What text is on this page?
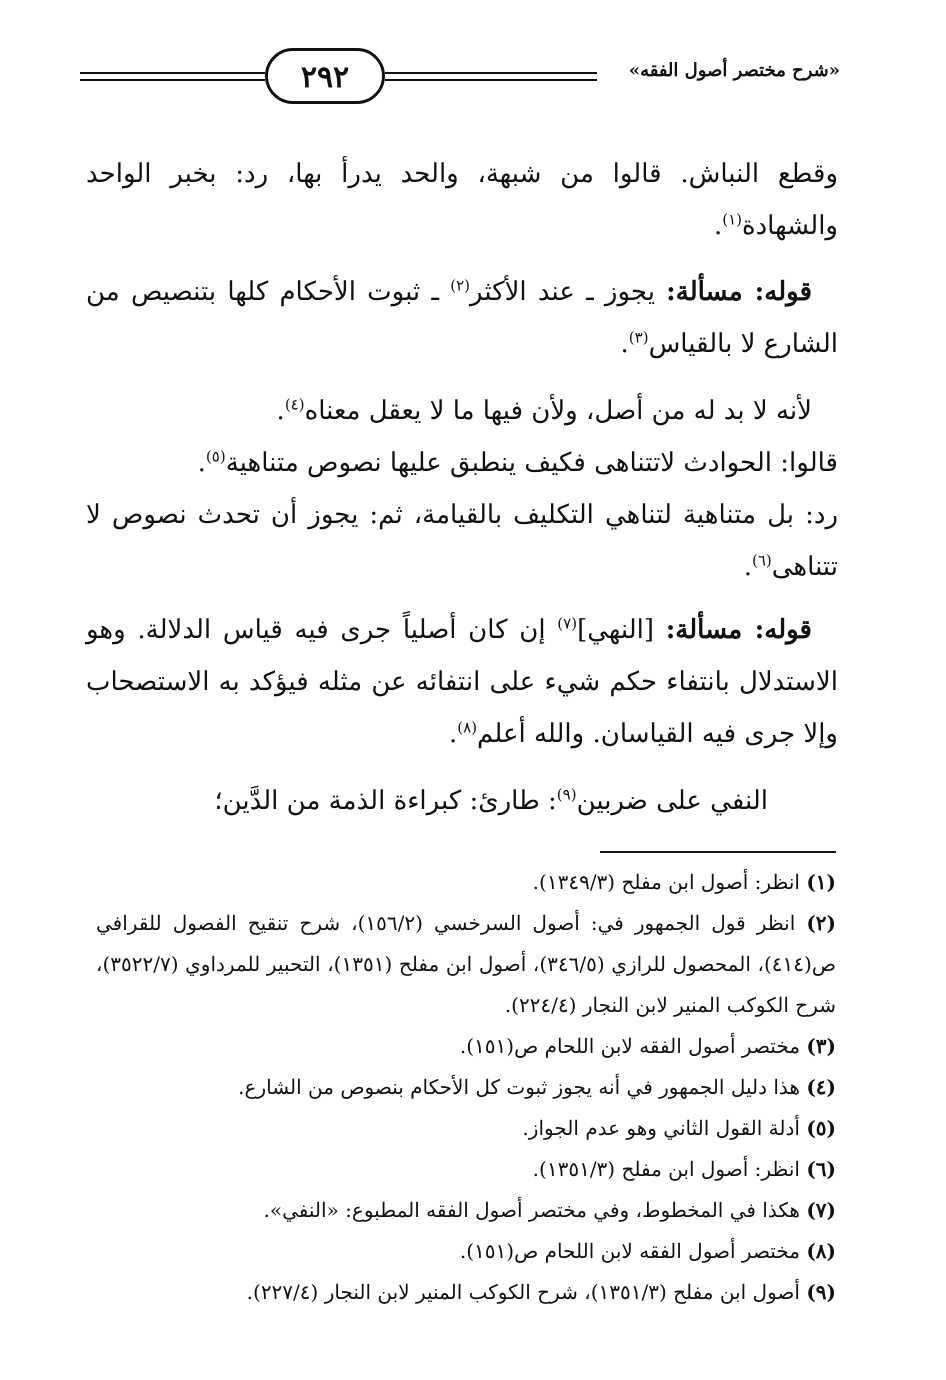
٢٩٢	«شرح مختصر أصول الفقه»

وقطع النباش. قالوا من شبهة، والحد يدرأ بها، رد: بخبر الواحد والشهادة$^{(١)}$.

قوله: مسألة: يجوز ـ عند الأكثر$^{(٢)}$ ـ ثبوت الأحكام كلها بتنصيص من الشارع لا بالقياس$^{(٣)}$.

لأنه لا بد له من أصل، ولأن فيها ما لا يعقل معناه$^{(٤)}$.

قالوا: الحوادث لاتتناهى فكيف ينطبق عليها نصوص متناهية$^{(٥)}$.

رد: بل متناهية لتناهي التكليف بالقيامة، ثم: يجوز أن تحدث نصوص لا تتناهى$^{(٦)}$.

قوله: مسألة: [النهي]$^{(٧)}$ إن كان أصلياً جرى فيه قياس الدلالة. وهو الاستدلال بانتفاء حكم شيء على انتفائه عن مثله فيؤكد به الاستصحاب وإلا جرى فيه القياسان. والله أعلم$^{(٨)}$.

النفي على ضربين$^{(٩)}$: طارئ: كبراءة الذمة من الدَّين؛

(١) انظر: أصول ابن مفلح (١٣٤٩/٣).

(٢) انظر قول الجمهور في: أصول السرخسي (١٥٦/٢)، شرح تنقيح الفصول للقرافي ص(٤١٤)، المحصول للرازي (٣٤٦/٥)، أصول ابن مفلح (١٣٥١)، التحبير للمرداوي (٣٥٢٢/٧)، شرح الكوكب المنير لابن النجار (٢٢٤/٤).

(٣) مختصر أصول الفقه لابن اللحام ص(١٥١).

(٤) هذا دليل الجمهور في أنه يجوز ثبوت كل الأحكام بنصوص من الشارع.

(٥) أدلة القول الثاني وهو عدم الجواز.

(٦) انظر: أصول ابن مفلح (١٣٥١/٣).

(٧) هكذا في المخطوط، وفي مختصر أصول الفقه المطبوع: «النفي».

(٨) مختصر أصول الفقه لابن اللحام ص(١٥١).

(٩) أصول ابن مفلح (١٣٥١/٣)، شرح الكوكب المنير لابن النجار (٢٢٧/٤).
